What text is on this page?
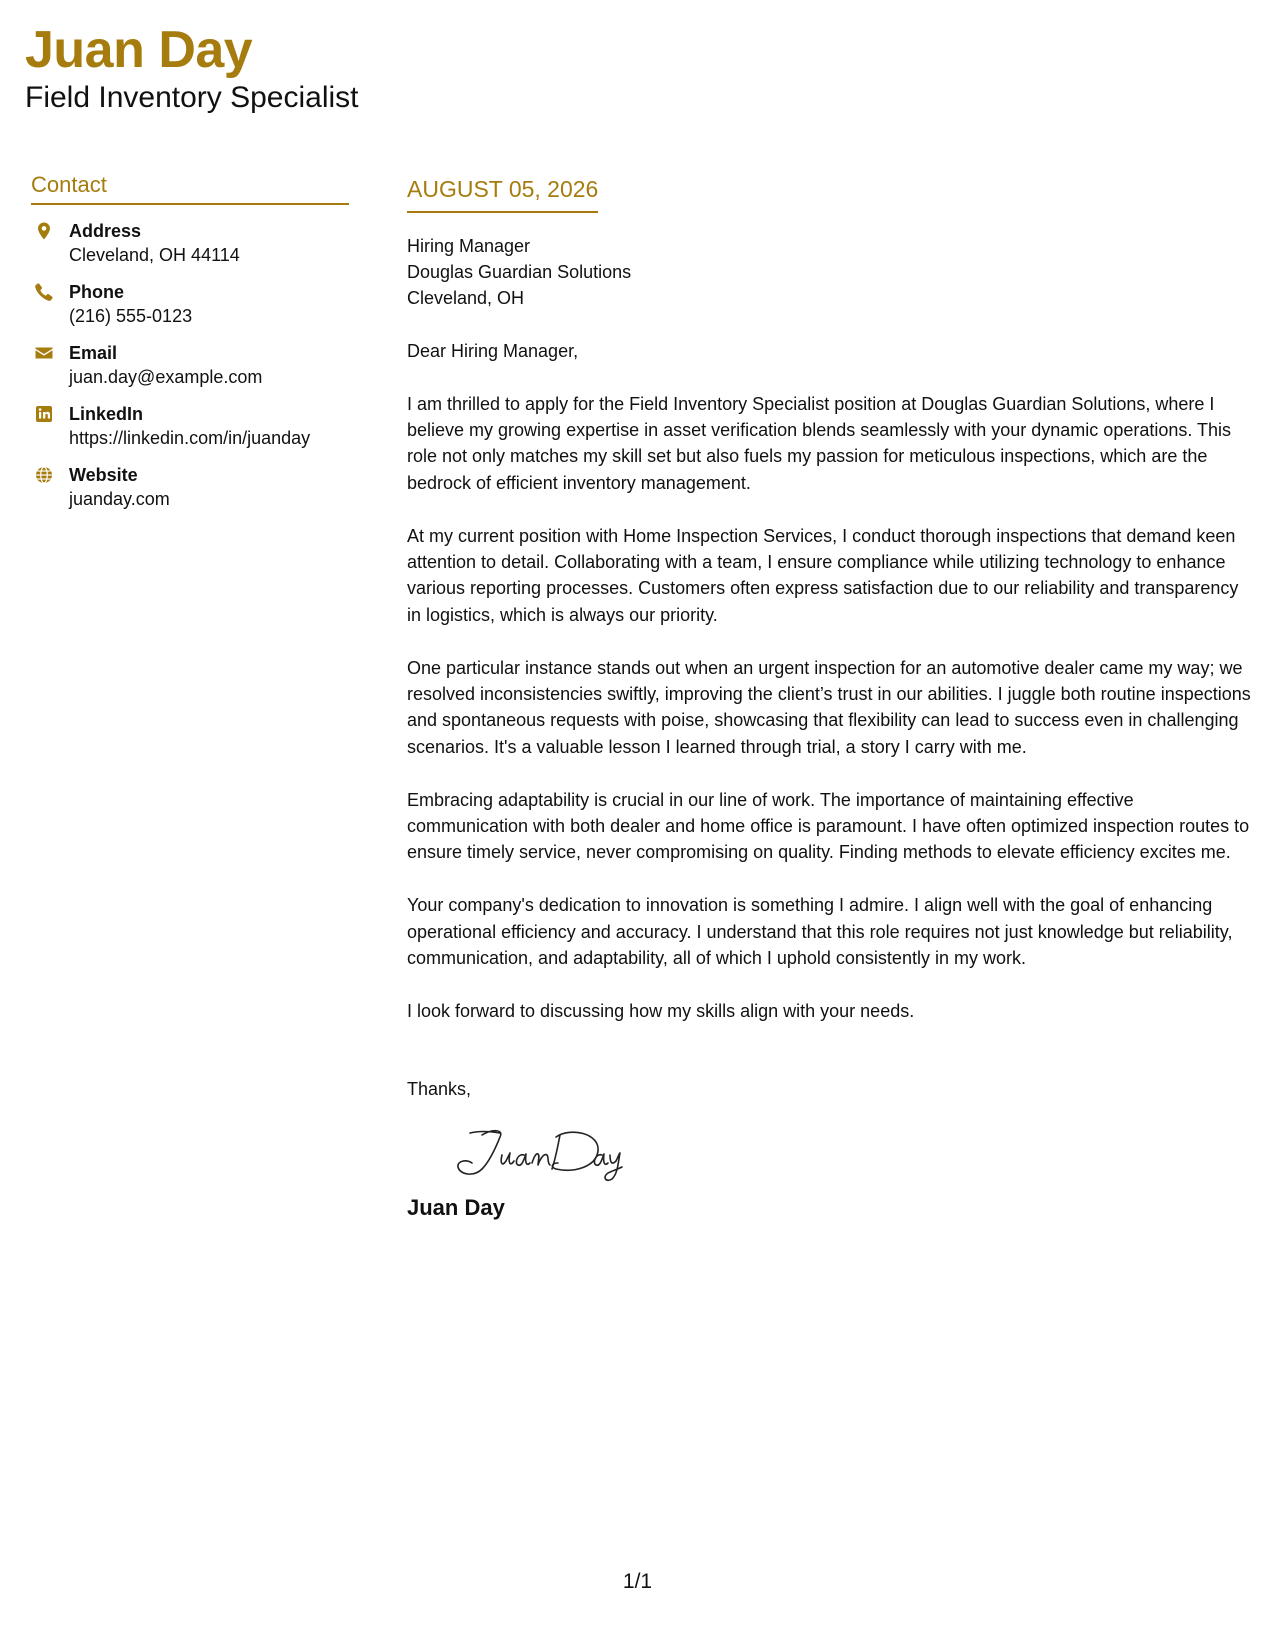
Juan Day
Field Inventory Specialist
Contact
Address
Cleveland, OH 44114
Phone
(216) 555-0123
Email
juan.day@example.com
LinkedIn
https://linkedin.com/in/juanday
Website
juanday.com
AUGUST 05, 2026
Hiring Manager
Douglas Guardian Solutions
Cleveland, OH
Dear Hiring Manager,

I am thrilled to apply for the Field Inventory Specialist position at Douglas Guardian Solutions, where I believe my growing expertise in asset verification blends seamlessly with your dynamic operations. This role not only matches my skill set but also fuels my passion for meticulous inspections, which are the bedrock of efficient inventory management.

At my current position with Home Inspection Services, I conduct thorough inspections that demand keen attention to detail. Collaborating with a team, I ensure compliance while utilizing technology to enhance various reporting processes. Customers often express satisfaction due to our reliability and transparency in logistics, which is always our priority.

One particular instance stands out when an urgent inspection for an automotive dealer came my way; we resolved inconsistencies swiftly, improving the client’s trust in our abilities. I juggle both routine inspections and spontaneous requests with poise, showcasing that flexibility can lead to success even in challenging scenarios. It's a valuable lesson I learned through trial, a story I carry with me.

Embracing adaptability is crucial in our line of work. The importance of maintaining effective communication with both dealer and home office is paramount. I have often optimized inspection routes to ensure timely service, never compromising on quality. Finding methods to elevate efficiency excites me.

Your company's dedication to innovation is something I admire. I align well with the goal of enhancing operational efficiency and accuracy. I understand that this role requires not just knowledge but reliability, communication, and adaptability, all of which I uphold consistently in my work.

I look forward to discussing how my skills align with your needs.

Thanks,
Juan Day
1/1
